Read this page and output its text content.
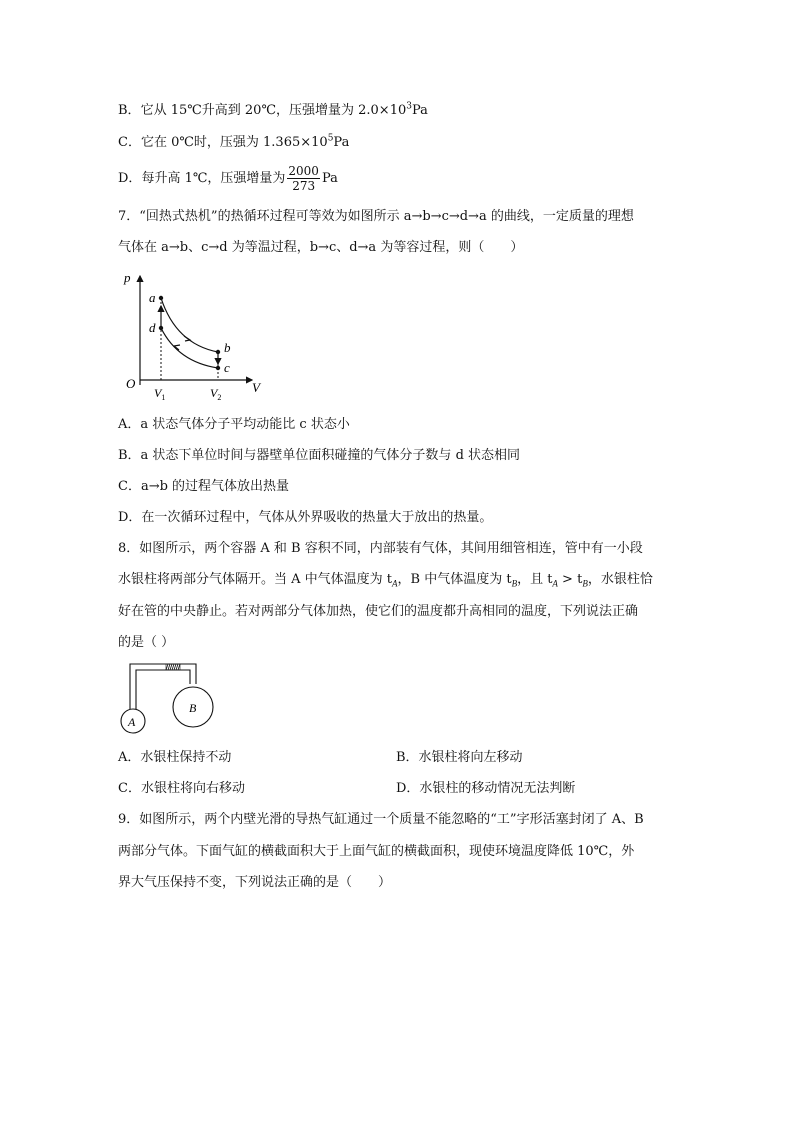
B．它从 15℃升高到 20℃，压强增量为 $2.0\times 10^3Pa$
C．它在 0℃时，压强为 $1.365\times 10^5Pa$
D．每升高 1℃，压强增量为 $\frac{2000}{273}$ Pa
7．“回热式热机”的热循环过程可等效为如图所示 a→b→c→d→a 的曲线，一定质量的理想
气体在 a→b、c→d 为等温过程，b→c、d→a 为等容过程，则（　　）
p
V
O
a
d
b
c
$V_1$	$V_2$
A．a 状态气体分子平均动能比 c 状态小
B．a 状态下单位时间与器壁单位面积碰撞的气体分子数与 d 状态相同
C．a→b 的过程气体放出热量
D．在一次循环过程中，气体从外界吸收的热量大于放出的热量。
8．如图所示，两个容器 A 和 B 容积不同，内部装有气体，其间用细管相连，管中有一小段
水银柱将两部分气体隔开。当 A 中气体温度为 $t_A$，B 中气体温度为 $t_B$，且 $t_A > t_B$，水银柱恰
好在管的中央静止。若对两部分气体加热，使它们的温度都升高相同的温度，下列说法正确
的是（ ）
A
B
A．水银柱保持不动	B．水银柱将向左移动
C．水银柱将向右移动	D．水银柱的移动情况无法判断
9．如图所示，两个内壁光滑的导热气缸通过一个质量不能忽略的“工”字形活塞封闭了 A、B
两部分气体。下面气缸的横截面积大于上面气缸的横截面积，现使环境温度降低 10℃，外
界大气压保持不变，下列说法正确的是（　　）
